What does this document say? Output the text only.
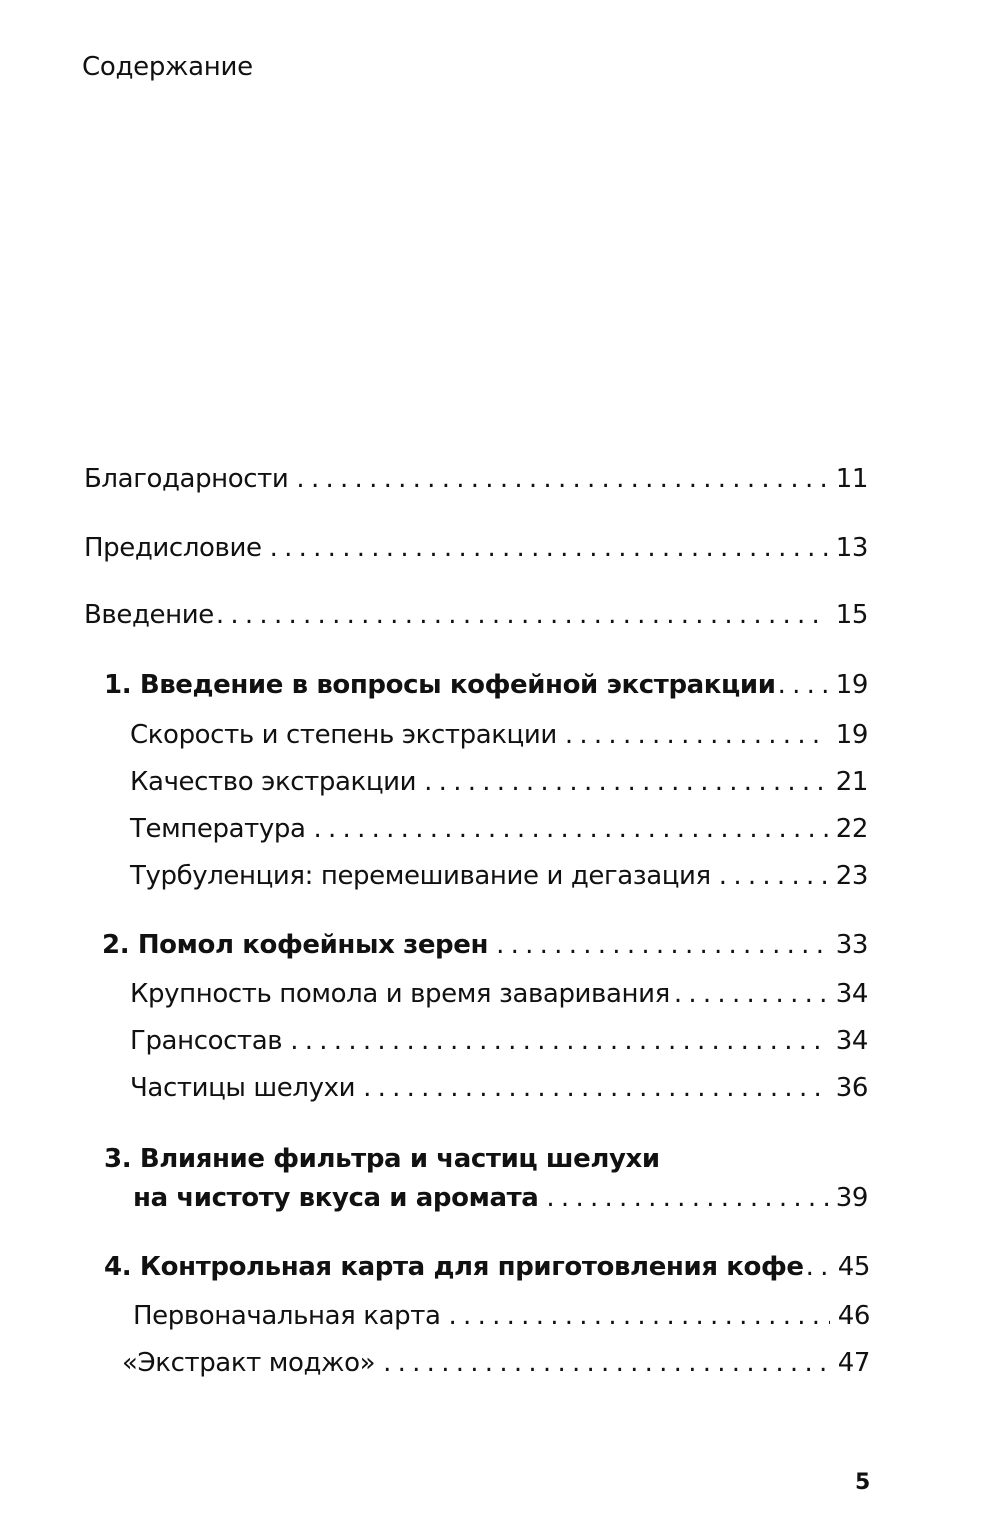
Содержание
Благодарности . . .	11
Предисловие . . .	13
Введение . . .	15
1. Введение в вопросы кофейной экстракции . . . 19
Скорость и степень экстракции . . .	19
Качество экстракции . . .	21
Температура . . .	22
Турбуленция: перемешивание и дегазация . . .	23
2. Помол кофейных зерен . . .	33
Крупность помола и время заваривания . . .	34
Грансостав . . .	34
Частицы шелухи . . .	36
3. Влияние фильтра и частиц шелухи
на чистоту вкуса и аромата . . .	39
4. Контрольная карта для приготовления кофе . . . 45
Первоначальная карта . . .	46
«Экстракт моджо» . . .	47
5
